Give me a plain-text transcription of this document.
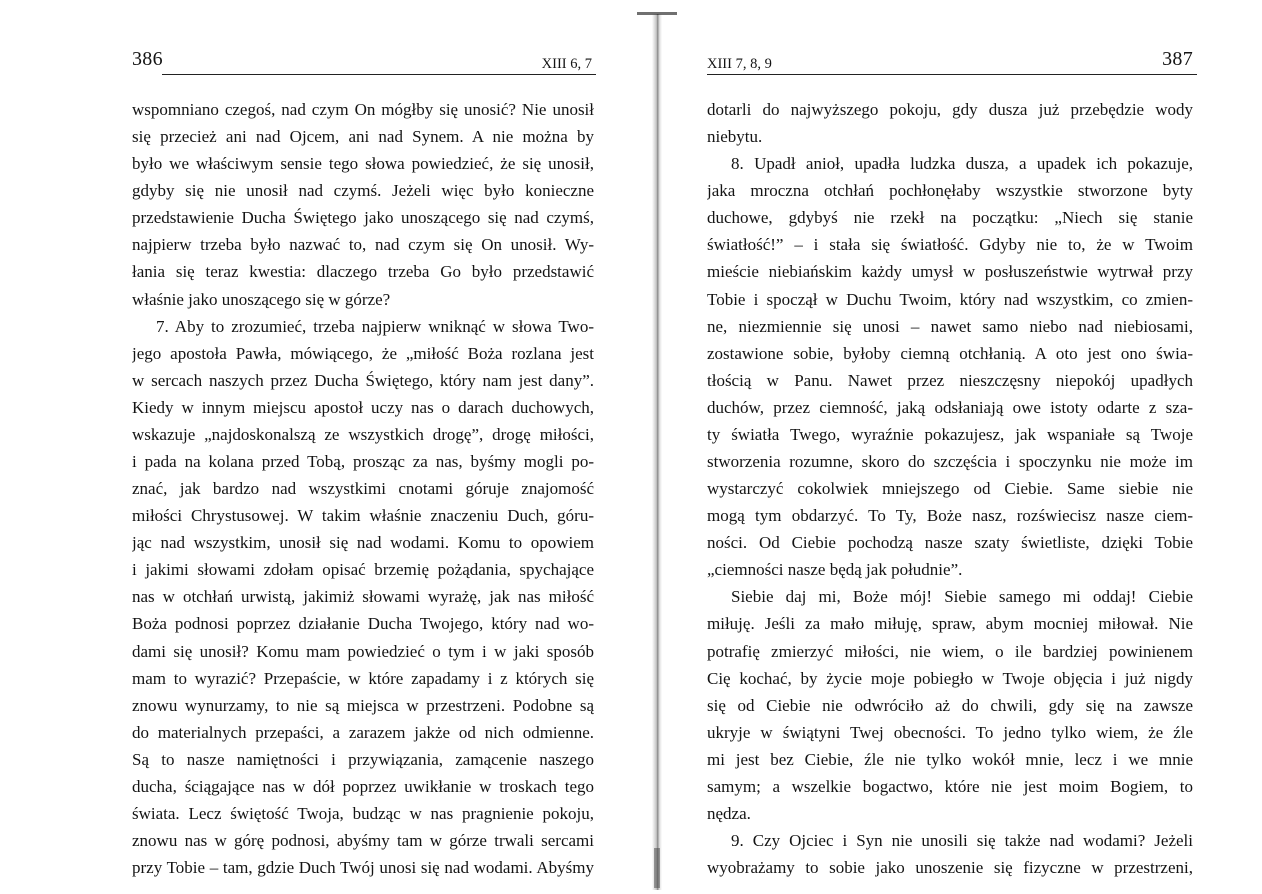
386	XIII 6, 7
wspomniano czegoś, nad czym On mógłby się unosić? Nie unosił
się przecież ani nad Ojcem, ani nad Synem. A nie można by
było we właściwym sensie tego słowa powiedzieć, że się unosił,
gdyby się nie unosił nad czymś. Jeżeli więc było konieczne
przedstawienie Ducha Świętego jako unoszącego się nad czymś,
najpierw trzeba było nazwać to, nad czym się On unosił. Wy-
łania się teraz kwestia: dlaczego trzeba Go było przedstawić
właśnie jako unoszącego się w górze?
7. Aby to zrozumieć, trzeba najpierw wniknąć w słowa Two-
jego apostoła Pawła, mówiącego, że „miłość Boża rozlana jest
w sercach naszych przez Ducha Świętego, który nam jest dany”.
Kiedy w innym miejscu apostoł uczy nas o darach duchowych,
wskazuje „najdoskonalszą ze wszystkich drogę”, drogę miłości,
i pada na kolana przed Tobą, prosząc za nas, byśmy mogli po-
znać, jak bardzo nad wszystkimi cnotami góruje znajomość
miłości Chrystusowej. W takim właśnie znaczeniu Duch, góru-
jąc nad wszystkim, unosił się nad wodami. Komu to opowiem
i jakimi słowami zdołam opisać brzemię pożądania, spychające
nas w otchłań urwistą, jakimiż słowami wyrażę, jak nas miłość
Boża podnosi poprzez działanie Ducha Twojego, który nad wo-
dami się unosił? Komu mam powiedzieć o tym i w jaki sposób
mam to wyrazić? Przepaście, w które zapadamy i z których się
znowu wynurzamy, to nie są miejsca w przestrzeni. Podobne są
do materialnych przepaści, a zarazem jakże od nich odmienne.
Są to nasze namiętności i przywiązania, zamącenie naszego
ducha, ściągające nas w dół poprzez uwikłanie w troskach tego
świata. Lecz świętość Twoja, budząc w nas pragnienie pokoju,
znowu nas w górę podnosi, abyśmy tam w górze trwali sercami
przy Tobie – tam, gdzie Duch Twój unosi się nad wodami. Abyśmy
XIII 7, 8, 9	387
dotarli do najwyższego pokoju, gdy dusza już przebędzie wody
niebytu.
8. Upadł anioł, upadła ludzka dusza, a upadek ich pokazuje,
jaka mroczna otchłań pochłonęłaby wszystkie stworzone byty
duchowe, gdybyś nie rzekł na początku: „Niech się stanie
światłość!” – i stała się światłość. Gdyby nie to, że w Twoim
mieście niebiańskim każdy umysł w posłuszeństwie wytrwał przy
Tobie i spoczął w Duchu Twoim, który nad wszystkim, co zmien-
ne, niezmiennie się unosi – nawet samo niebo nad niebiosami,
zostawione sobie, byłoby ciemną otchłanią. A oto jest ono świa-
tłością w Panu. Nawet przez nieszczęsny niepokój upadłych
duchów, przez ciemność, jaką odsłaniają owe istoty odarte z sza-
ty światła Twego, wyraźnie pokazujesz, jak wspaniałe są Twoje
stworzenia rozumne, skoro do szczęścia i spoczynku nie może im
wystarczyć cokolwiek mniejszego od Ciebie. Same siebie nie
mogą tym obdarzyć. To Ty, Boże nasz, rozświecisz nasze ciem-
ności. Od Ciebie pochodzą nasze szaty świetliste, dzięki Tobie
„ciemności nasze będą jak południe”.
Siebie daj mi, Boże mój! Siebie samego mi oddaj! Ciebie
miłuję. Jeśli za mało miłuję, spraw, abym mocniej miłował. Nie
potrafię zmierzyć miłości, nie wiem, o ile bardziej powinienem
Cię kochać, by życie moje pobiegło w Twoje objęcia i już nigdy
się od Ciebie nie odwróciło aż do chwili, gdy się na zawsze
ukryje w świątyni Twej obecności. To jedno tylko wiem, że źle
mi jest bez Ciebie, źle nie tylko wokół mnie, lecz i we mnie
samym; a wszelkie bogactwo, które nie jest moim Bogiem, to
nędza.
9. Czy Ojciec i Syn nie unosili się także nad wodami? Jeżeli
wyobrażamy to sobie jako unoszenie się fizyczne w przestrzeni,
